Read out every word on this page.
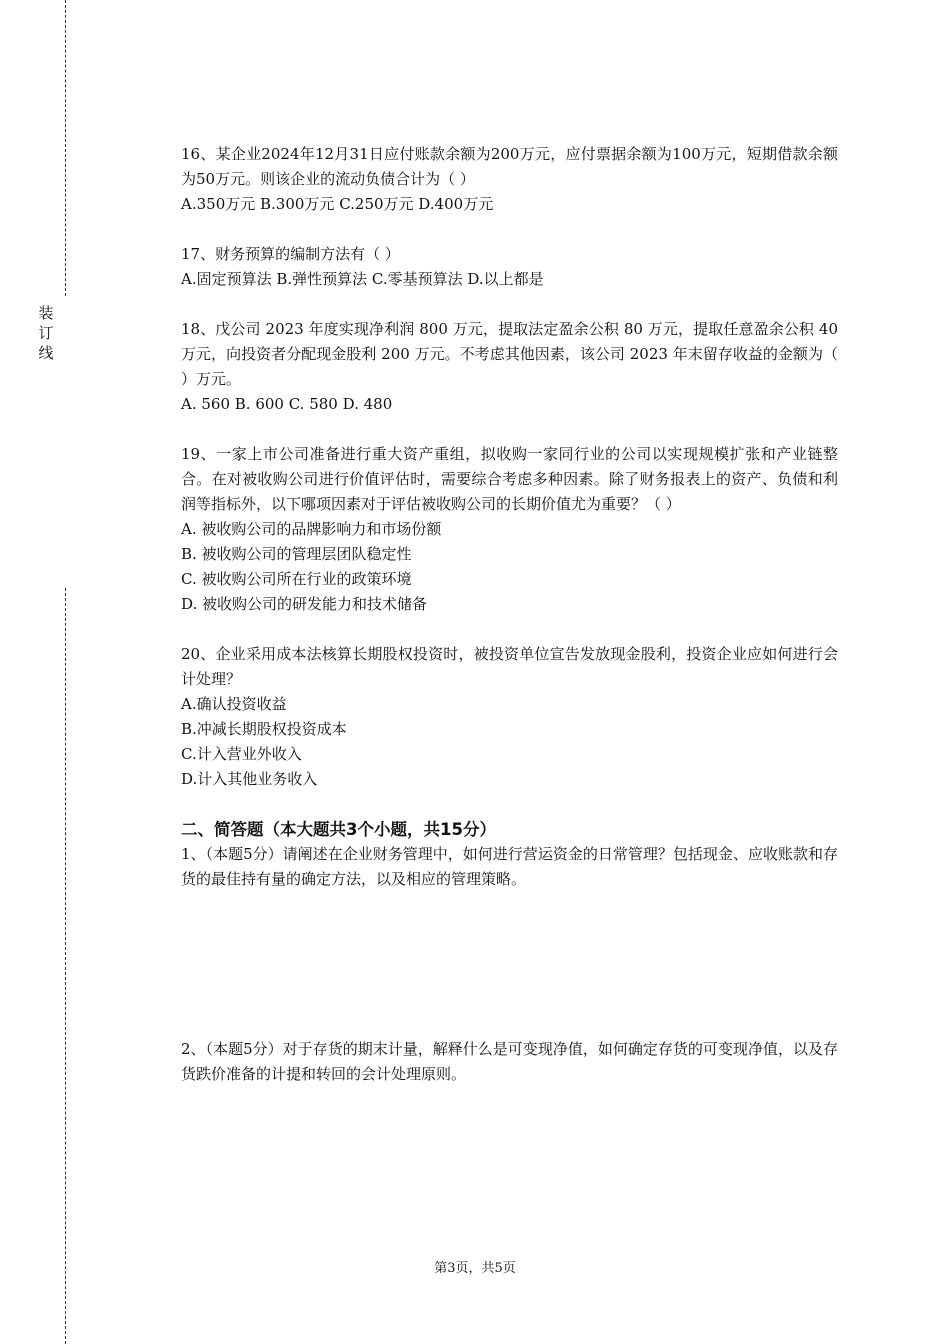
装
订
线

16、某企业2024年12月31日应付账款余额为200万元，应付票据余额为100万元，短期借款余额为50万元。则该企业的流动负债合计为（ ）

A.350万元 B.300万元 C.250万元 D.400万元

17、财务预算的编制方法有（ ）

A.固定预算法 B.弹性预算法 C.零基预算法 D.以上都是

18、戊公司 2023 年度实现净利润 800 万元，提取法定盈余公积 80 万元，提取任意盈余公积 40 万元，向投资者分配现金股利 200 万元。不考虑其他因素，该公司 2023 年末留存收益的金额为（ ）万元。

A. 560 B. 600 C. 580 D. 480

19、一家上市公司准备进行重大资产重组，拟收购一家同行业的公司以实现规模扩张和产业链整合。在对被收购公司进行价值评估时，需要综合考虑多种因素。除了财务报表上的资产、负债和利润等指标外，以下哪项因素对于评估被收购公司的长期价值尤为重要？（ ）

A. 被收购公司的品牌影响力和市场份额

B. 被收购公司的管理层团队稳定性

C. 被收购公司所在行业的政策环境

D. 被收购公司的研发能力和技术储备

20、企业采用成本法核算长期股权投资时，被投资单位宣告发放现金股利，投资企业应如何进行会计处理？

A.确认投资收益

B.冲减长期股权投资成本

C.计入营业外收入

D.计入其他业务收入

二、简答题（本大题共3个小题，共15分）

1、（本题5分）请阐述在企业财务管理中，如何进行营运资金的日常管理？包括现金、应收账款和存货的最佳持有量的确定方法，以及相应的管理策略。

2、（本题5分）对于存货的期末计量，解释什么是可变现净值，如何确定存货的可变现净值，以及存货跌价准备的计提和转回的会计处理原则。

第3页，共5页
